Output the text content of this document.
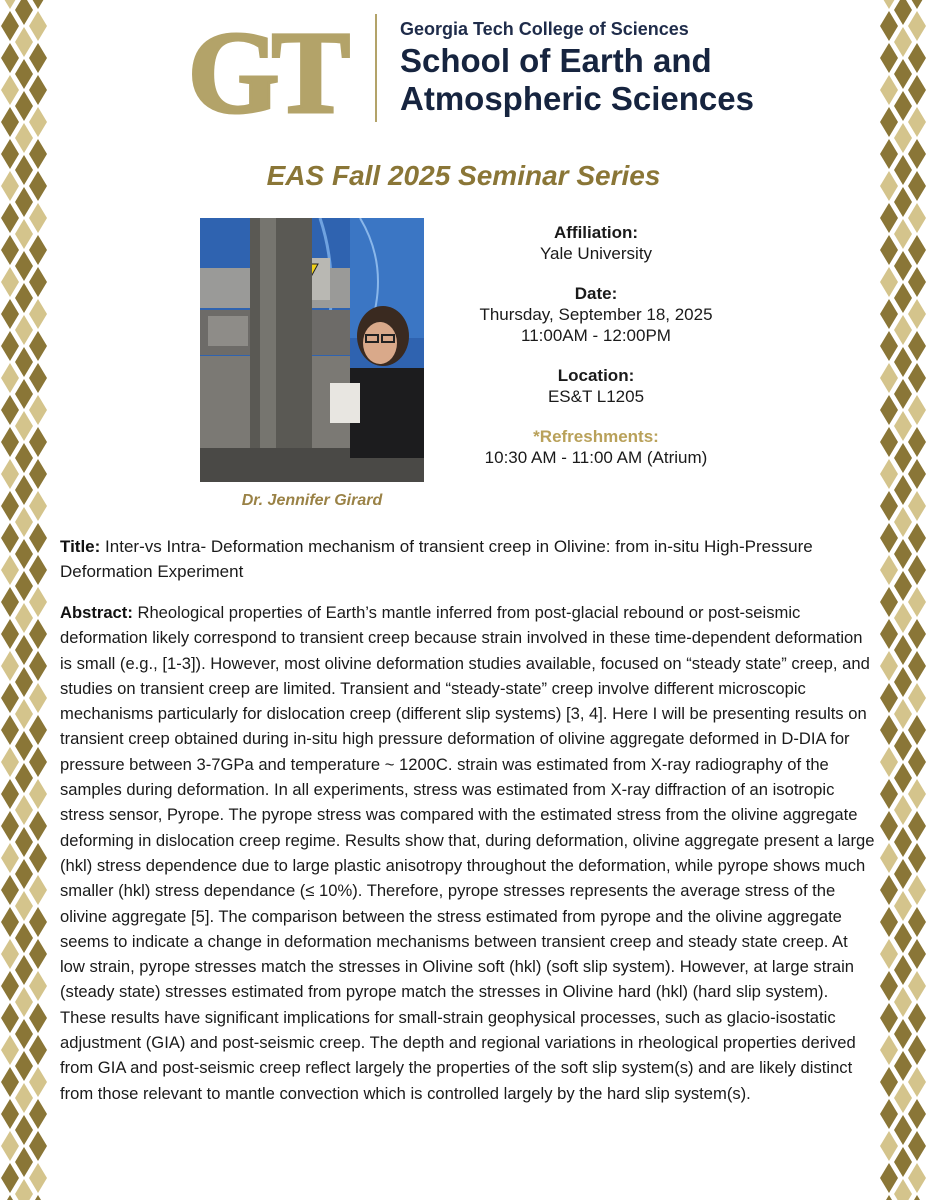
GT	Georgia Tech College of Sciences
School of Earth and
Atmospheric Sciences
EAS Fall 2025 Seminar Series
Dr. Jennifer Girard
Affiliation:
Yale University
Date:
Thursday, September 18, 2025
11:00AM - 12:00PM
Location:
ES&T L1205
*Refreshments:
10:30 AM - 11:00 AM (Atrium)
Title: Inter-vs Intra- Deformation mechanism of transient creep in Olivine: from in-situ High-Pressure Deformation Experiment
Abstract: Rheological properties of Earth’s mantle inferred from post-glacial rebound or post-seismic deformation likely correspond to transient creep because strain involved in these time-dependent deformation is small (e.g., [1-3]). However, most olivine deformation studies available, focused on “steady state” creep, and studies on transient creep are limited. Transient and “steady-state” creep involve different microscopic mechanisms particularly for dislocation creep (different slip systems) [3, 4]. Here I will be presenting results on transient creep obtained during in-situ high pressure deformation of olivine aggregate deformed in D-DIA for pressure between 3-7GPa and temperature ~ 1200C. strain was estimated from X-ray radiography of the samples during deformation. In all experiments, stress was estimated from X-ray diffraction of an isotropic stress sensor, Pyrope. The pyrope stress was compared with the estimated stress from the olivine aggregate deforming in dislocation creep regime. Results show that, during deformation, olivine aggregate present a large (hkl) stress dependence due to large plastic anisotropy throughout the deformation, while pyrope shows much smaller (hkl) stress dependance (≤ 10%). Therefore, pyrope stresses represents the average stress of the olivine aggregate [5]. The comparison between the stress estimated from pyrope and the olivine aggregate seems to indicate a change in deformation mechanisms between transient creep and steady state creep. At low strain, pyrope stresses match the stresses in Olivine soft (hkl) (soft slip system). However, at large strain (steady state) stresses estimated from pyrope match the stresses in Olivine hard (hkl) (hard slip system). These results have significant implications for small-strain geophysical processes, such as glacio-isostatic adjustment (GIA) and post-seismic creep. The depth and regional variations in rheological properties derived from GIA and post-seismic creep reflect largely the properties of the soft slip system(s) and are likely distinct from those relevant to mantle convection which is controlled largely by the hard slip system(s).
